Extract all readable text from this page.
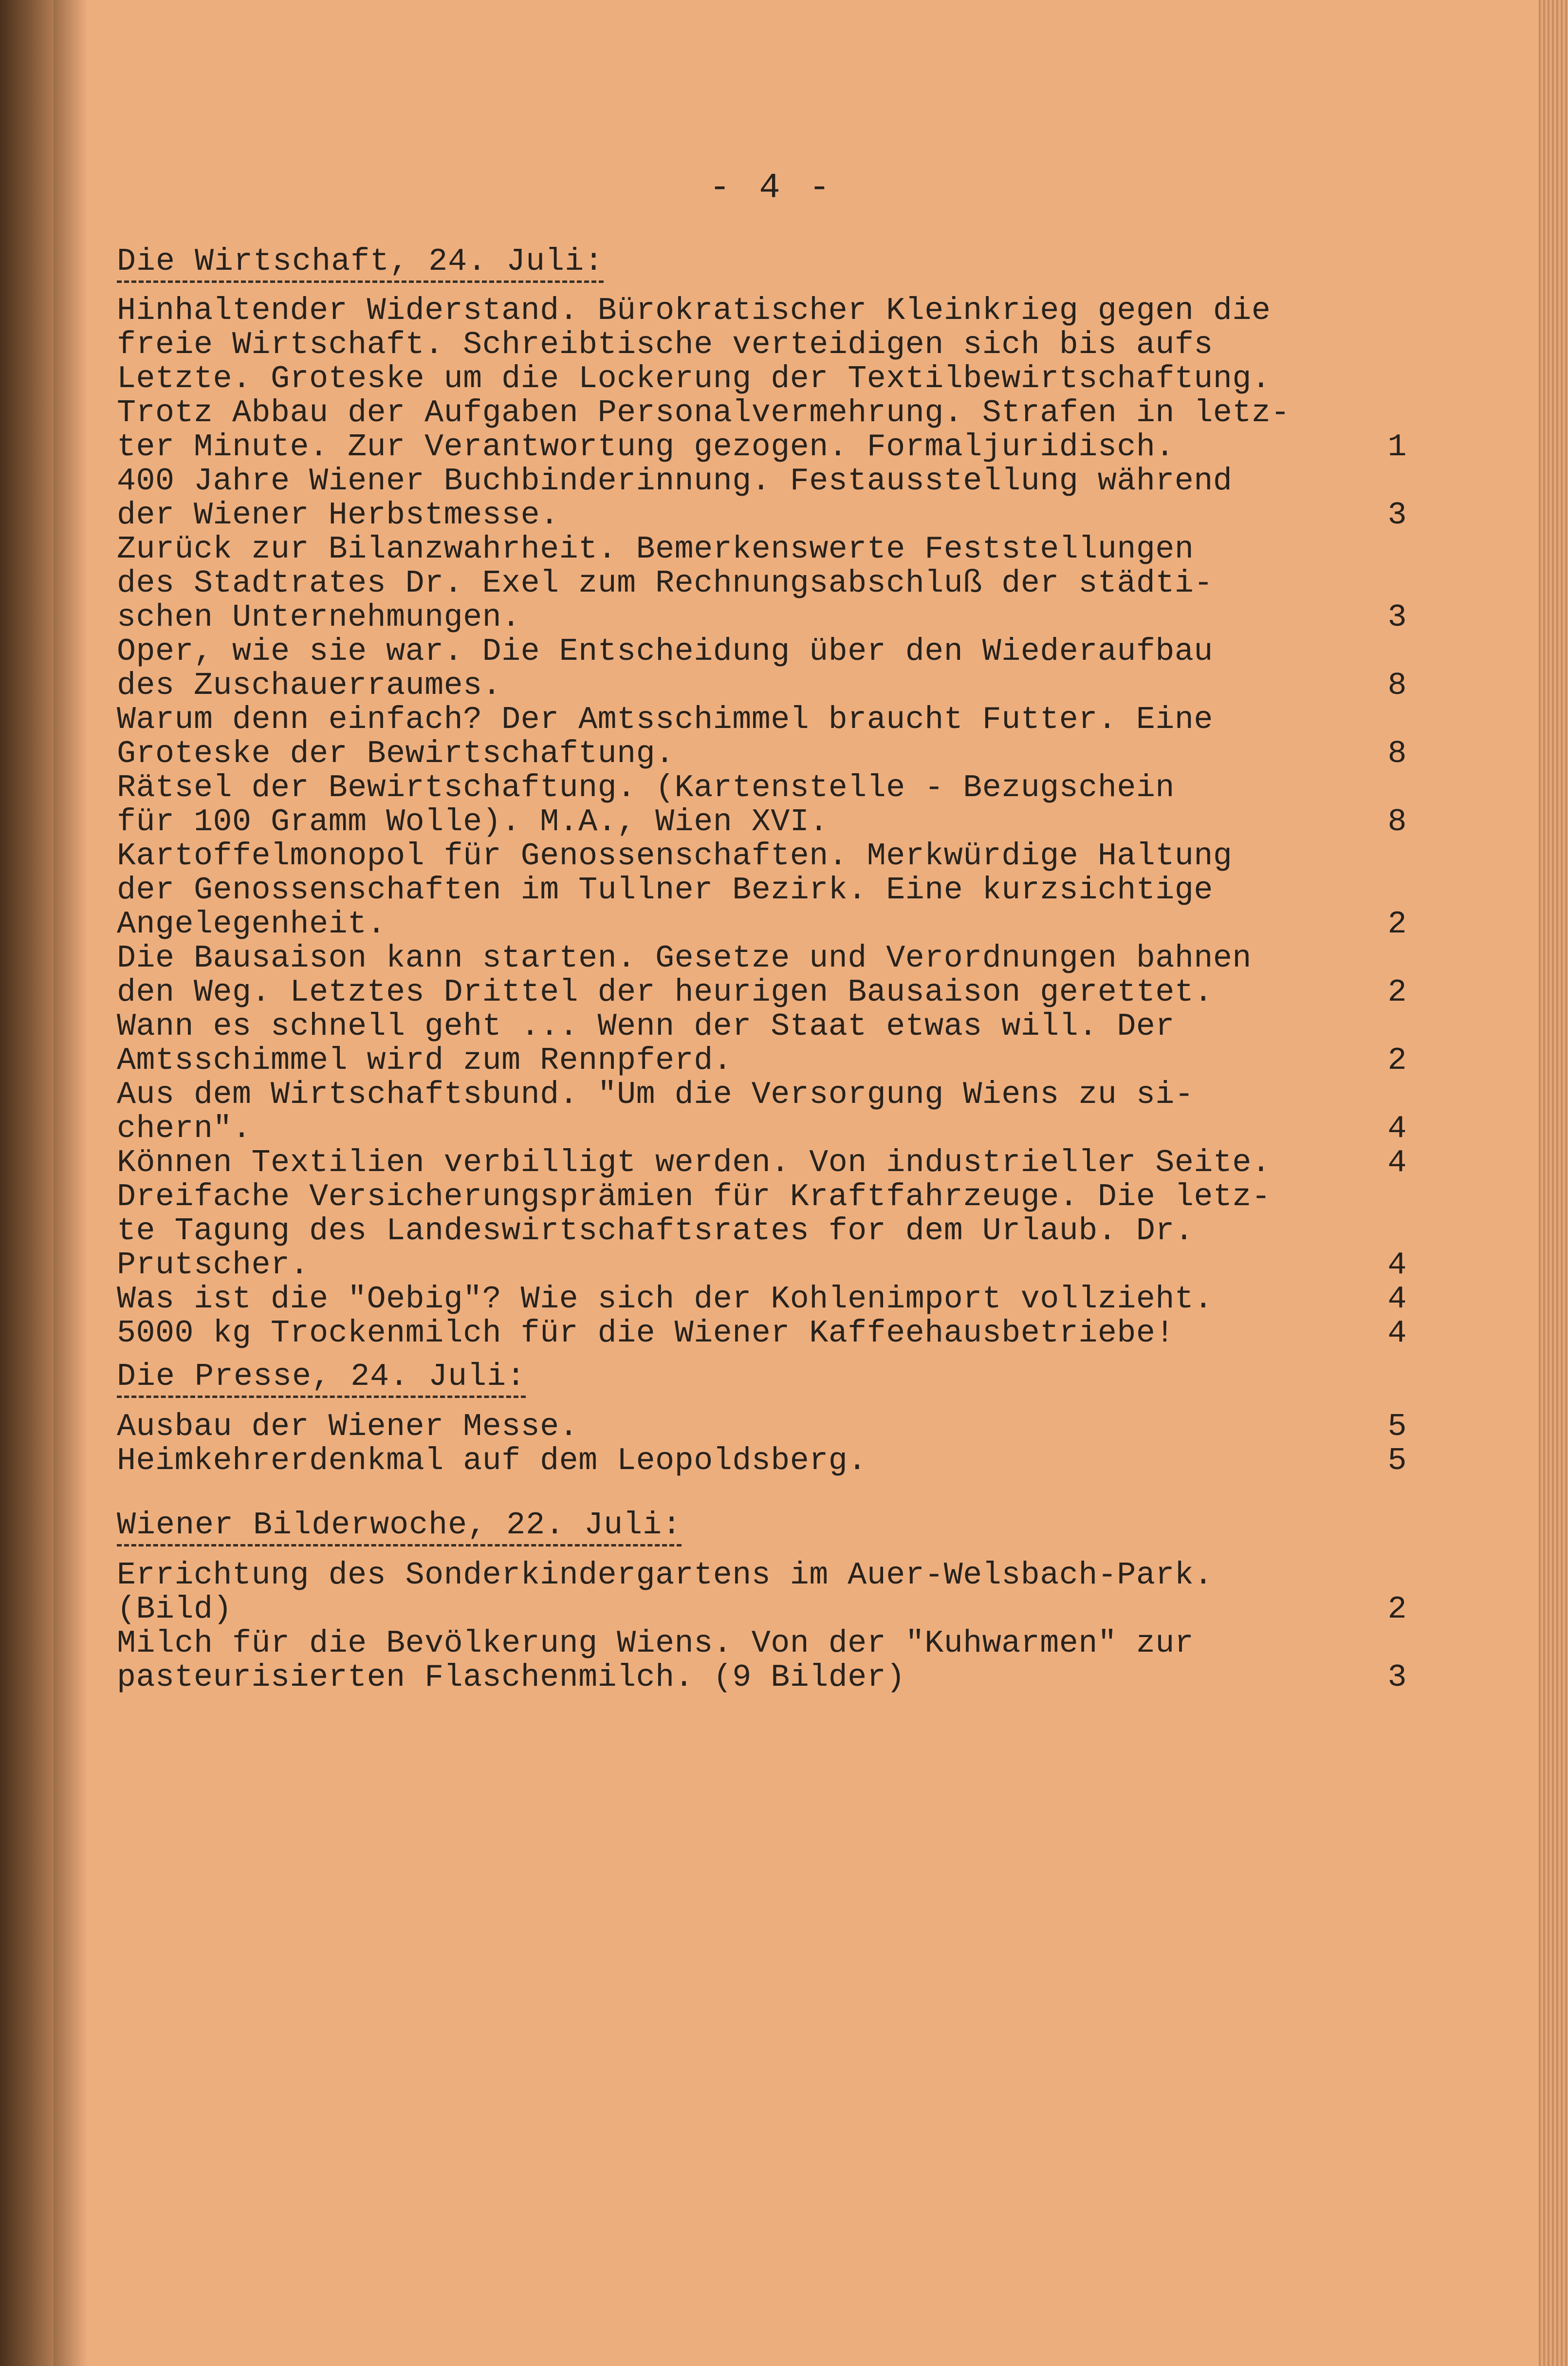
- 4 -
Die Wirtschaft, 24. Juli:
Hinhaltender Widerstand. Bürokratischer Kleinkrieg gegen die
freie Wirtschaft. Schreibtische verteidigen sich bis aufs
Letzte. Groteske um die Lockerung der Textilbewirtschaftung.
Trotz Abbau der Aufgaben Personalvermehrung. Strafen in letz-
ter Minute. Zur Verantwortung gezogen. Formaljuridisch.	1
400 Jahre Wiener Buchbinderinnung. Festausstellung während
der Wiener Herbstmesse.	3
Zurück zur Bilanzwahrheit. Bemerkenswerte Feststellungen
des Stadtrates Dr. Exel zum Rechnungsabschluß der städti-
schen Unternehmungen.	3
Oper, wie sie war. Die Entscheidung über den Wiederaufbau
des Zuschauerraumes.	8
Warum denn einfach? Der Amtsschimmel braucht Futter. Eine
Groteske der Bewirtschaftung.	8
Rätsel der Bewirtschaftung. (Kartenstelle - Bezugschein
für 100 Gramm Wolle). M.A., Wien XVI.	8
Kartoffelmonopol für Genossenschaften. Merkwürdige Haltung
der Genossenschaften im Tullner Bezirk. Eine kurzsichtige
Angelegenheit.	2
Die Bausaison kann starten. Gesetze und Verordnungen bahnen
den Weg. Letztes Drittel der heurigen Bausaison gerettet.	2
Wann es schnell geht ... Wenn der Staat etwas will. Der
Amtsschimmel wird zum Rennpferd.	2
Aus dem Wirtschaftsbund. "Um die Versorgung Wiens zu si-
chern".	4
Können Textilien verbilligt werden. Von industrieller Seite.	4
Dreifache Versicherungsprämien für Kraftfahrzeuge. Die letz-
te Tagung des Landeswirtschaftsrates for dem Urlaub. Dr.
Prutscher.	4
Was ist die "Oebig"? Wie sich der Kohlenimport vollzieht.	4
5000 kg Trockenmilch für die Wiener Kaffeehausbetriebe!	4
Die Presse, 24. Juli:
Ausbau der Wiener Messe.	5
Heimkehrerdenkmal auf dem Leopoldsberg.	5
Wiener Bilderwoche, 22. Juli:
Errichtung des Sonderkindergartens im Auer-Welsbach-Park.
(Bild)	2
Milch für die Bevölkerung Wiens. Von der "Kuhwarmen" zur
pasteurisierten Flaschenmilch. (9 Bilder)	3
